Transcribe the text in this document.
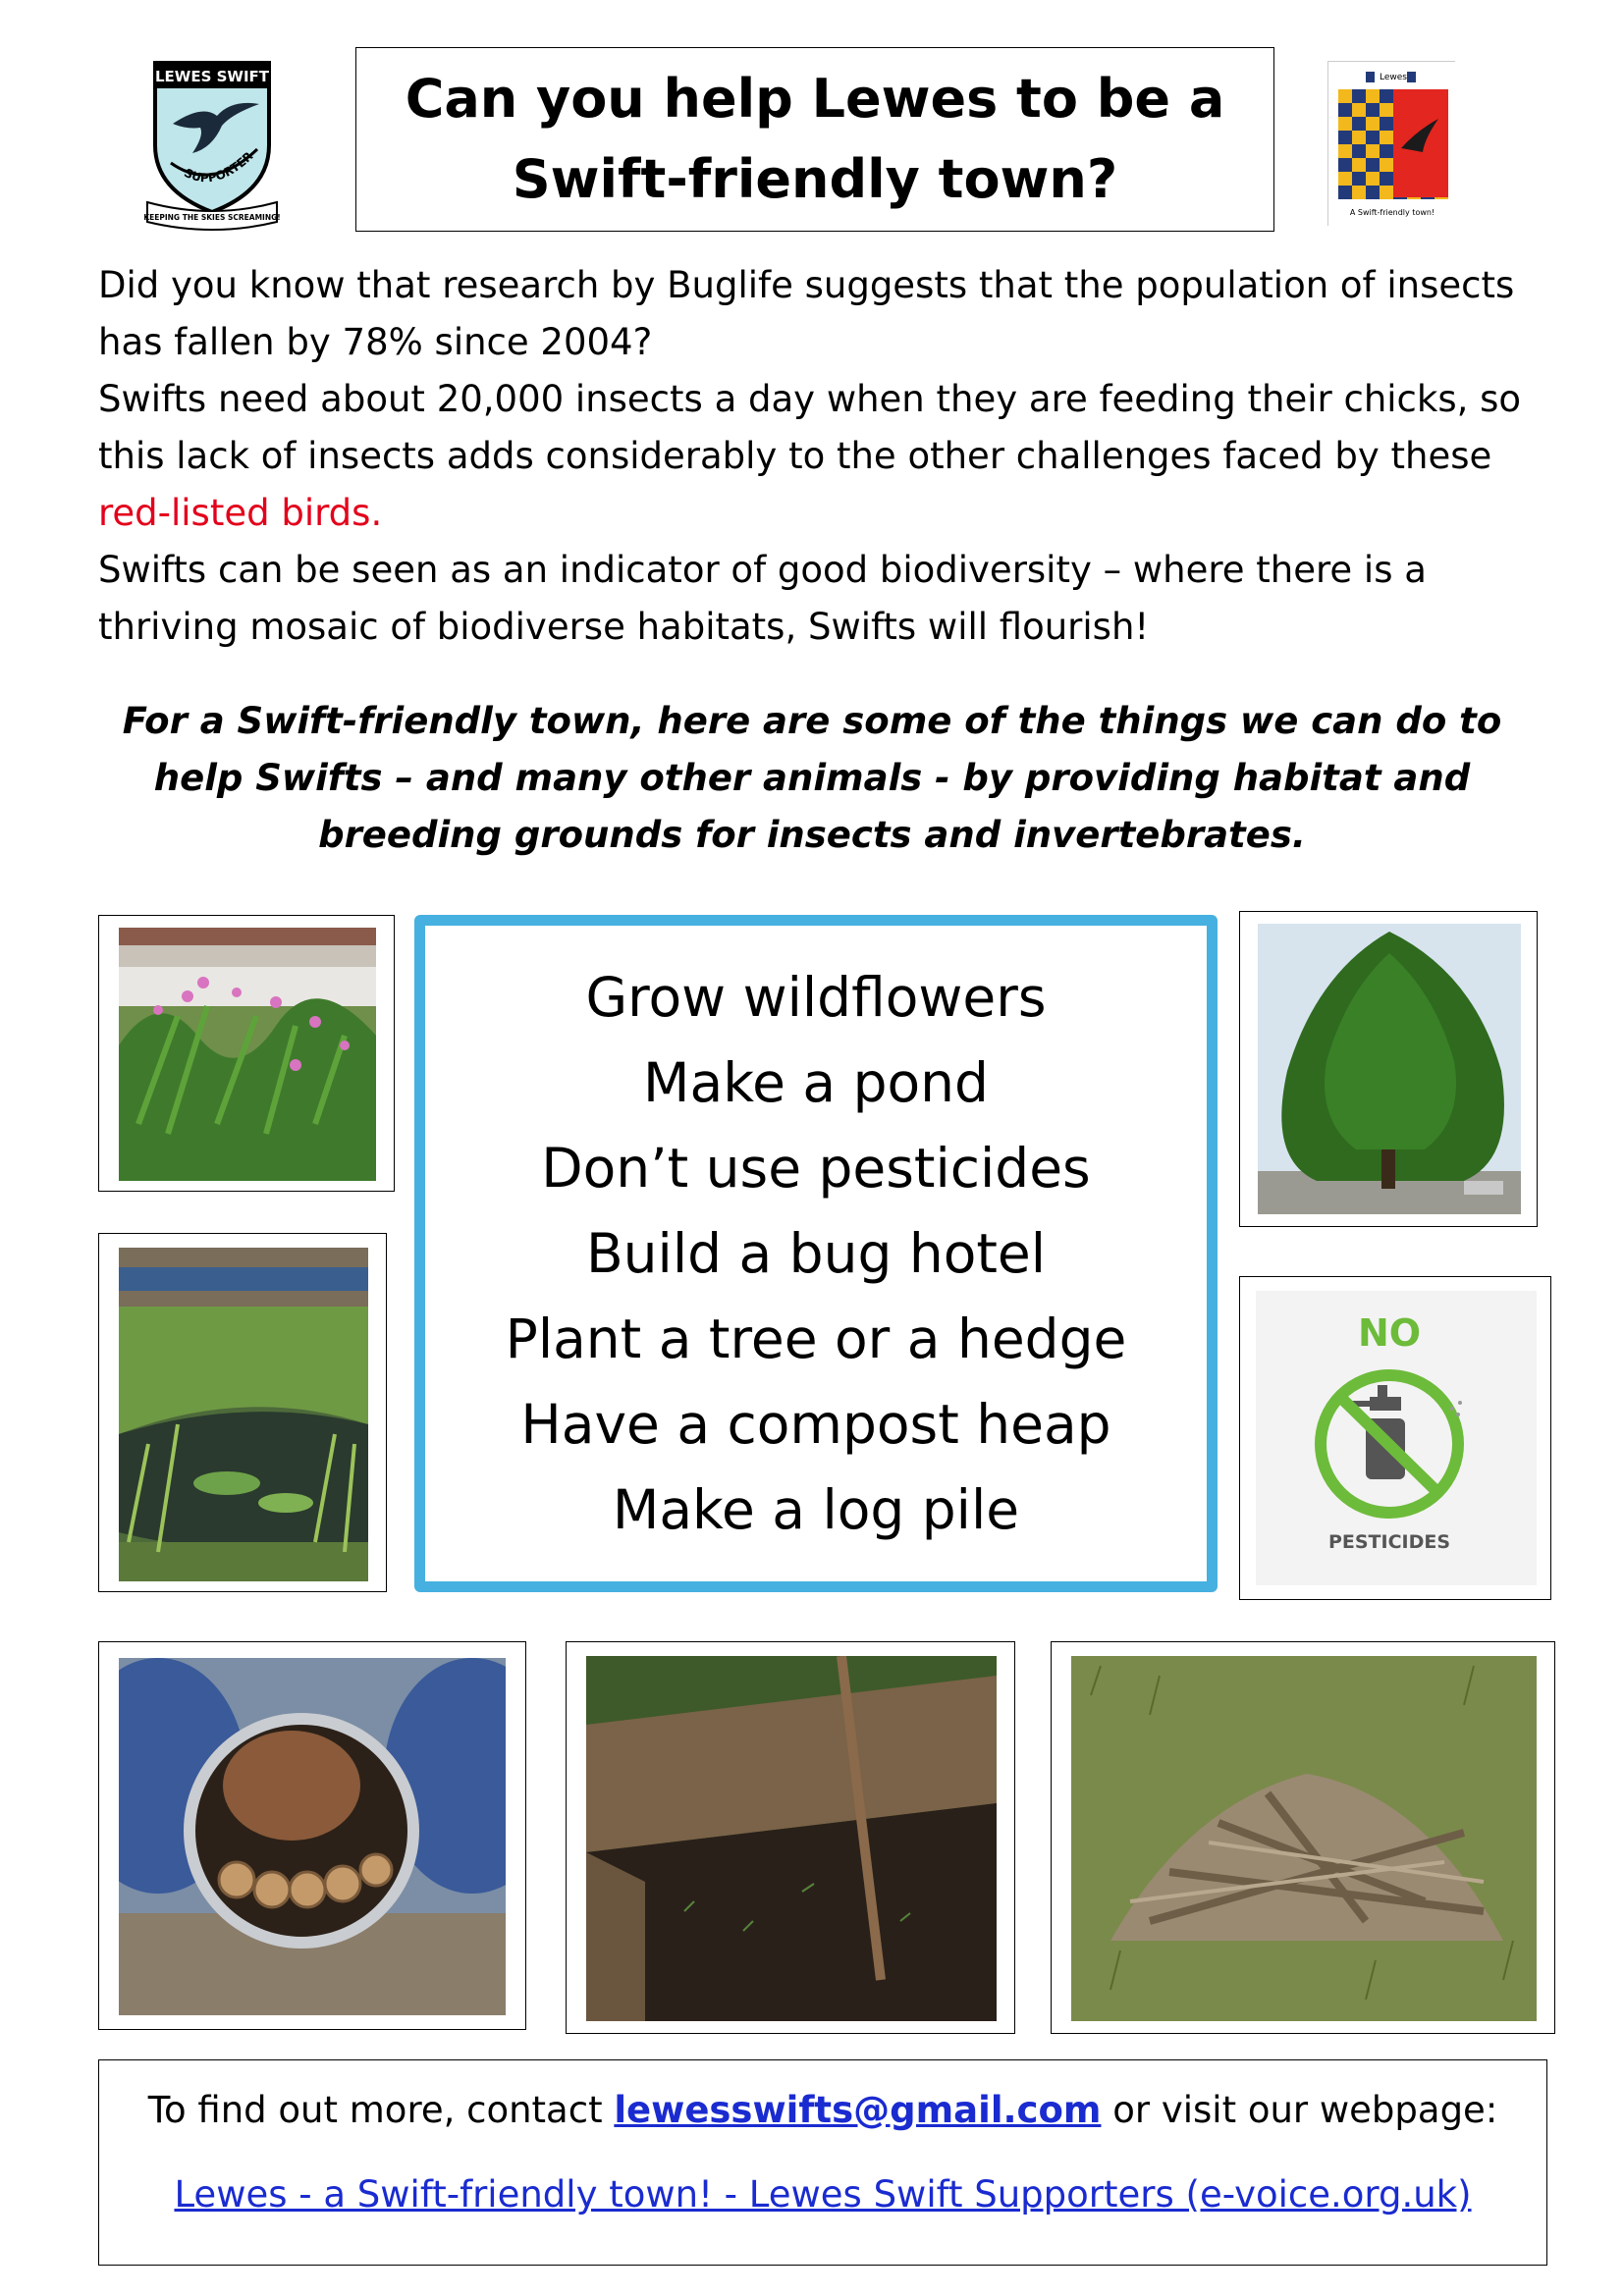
LEWES SWIFT
SUPPORTER
KEEPING THE SKIES SCREAMING!
Can you help Lewes to be a
Swift-friendly town?
Lewes
A Swift-friendly town!

Did you know that research by Buglife suggests that the population of insects has fallen by 78% since 2004?

Swifts need about 20,000 insects a day when they are feeding their chicks, so this lack of insects adds considerably to the other challenges faced by these red-listed birds.

Swifts can be seen as an indicator of good biodiversity – where there is a thriving mosaic of biodiverse habitats, Swifts will flourish!

For a Swift-friendly town, here are some of the things we can do to help Swifts – and many other animals - by providing habitat and breeding grounds for insects and invertebrates.
Grow wildflowers
Make a pond
Don’t use pesticides
Build a bug hotel
Plant a tree or a hedge
Have a compost heap
Make a log pile
NO
PESTICIDES
To find out more, contact lewesswifts@gmail.com or visit our webpage:
Lewes - a Swift-friendly town! - Lewes Swift Supporters (e-voice.org.uk)
